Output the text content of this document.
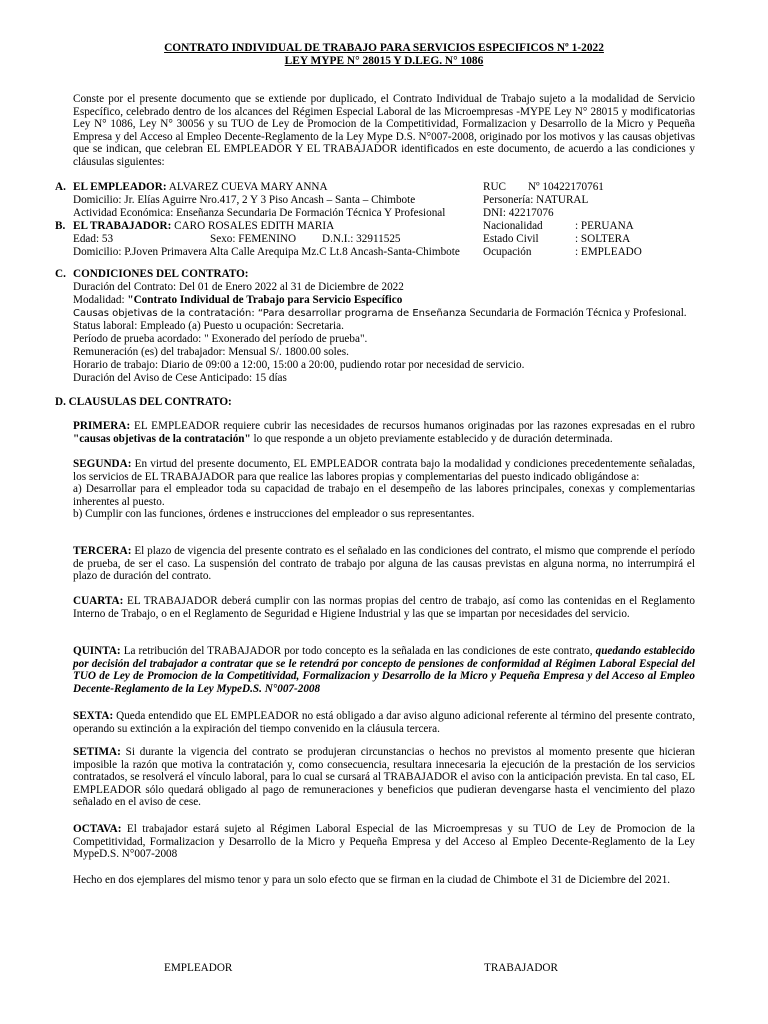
CONTRATO INDIVIDUAL DE TRABAJO PARA SERVICIOS ESPECIFICOS Nº 1-2022
LEY MYPE N° 28015 Y D.LEG. N° 1086
Conste por el presente documento que se extiende por duplicado, el Contrato Individual de Trabajo sujeto a la modalidad de Servicio Específico, celebrado dentro de los alcances del Régimen Especial Laboral de las Microempresas -MYPE Ley N° 28015 y modificatorias Ley N° 1086, Ley N° 30056 y su TUO de Ley de Promocion de la Competitividad, Formalizacion y Desarrollo de la Micro y Pequeña Empresa y del Acceso al Empleo Decente-Reglamento de la Ley Mype D.S. N°007-2008, originado por los motivos y las causas objetivas que se indican, que celebran EL EMPLEADOR Y EL TRABAJADOR identificados en este documento, de acuerdo a las condiciones y cláusulas siguientes:
A. EL EMPLEADOR: ALVAREZ CUEVA MARY ANNA
Domicilio: Jr. Elías Aguirre Nro.417, 2 Y 3 Piso Ancash – Santa – Chimbote
Actividad Económica: Enseñanza Secundaria De Formación Técnica Y Profesional
RUC Nº 10422170761
Personería: NATURAL
DNI: 42217076
B. EL TRABAJADOR: CARO ROSALES EDITH MARIA
Edad: 53	Sexo: FEMENINO D.N.I.: 32911525
Domicilio: P.Joven Primavera Alta Calle Arequipa Mz.C Lt.8 Ancash-Santa-Chimbote
Nacionalidad	: PERUANA
Estado Civil	: SOLTERA
Ocupación	: EMPLEADO
C. CONDICIONES DEL CONTRATO:
Duración del Contrato: Del 01 de Enero 2022 al 31 de Diciembre de 2022
Modalidad: "Contrato Individual de Trabajo para Servicio Específico
Causas objetivas de la contratación: “Para desarrollar programa de Enseñanza Secundaria de Formación Técnica y Profesional.
Status laboral: Empleado (a) Puesto u ocupación: Secretaria.
Período de prueba acordado: " Exonerado del período de prueba".
Remuneración (es) del trabajador: Mensual S/. 1800.00 soles.
Horario de trabajo: Diario de 09:00 a 12:00, 15:00 a 20:00, pudiendo rotar por necesidad de servicio.
Duración del Aviso de Cese Anticipado: 15 días
D. CLAUSULAS DEL CONTRATO:
PRIMERA: EL EMPLEADOR requiere cubrir las necesidades de recursos humanos originadas por las razones expresadas en el rubro "causas objetivas de la contratación" lo que responde a un objeto previamente establecido y de duración determinada.

SEGUNDA: En virtud del presente documento, EL EMPLEADOR contrata bajo la modalidad y condiciones precedentemente señaladas, los servicios de EL TRABAJADOR para que realice las labores propias y complementarias del puesto indicado obligándose a:

a) Desarrollar para el empleador toda su capacidad de trabajo en el desempeño de las labores principales, conexas y complementarias inherentes al puesto.

b) Cumplir con las funciones, órdenes e instrucciones del empleador o sus representantes.

TERCERA: El plazo de vigencia del presente contrato es el señalado en las condiciones del contrato, el mismo que comprende el período de prueba, de ser el caso. La suspensión del contrato de trabajo por alguna de las causas previstas en alguna norma, no interrumpirá el plazo de duración del contrato.
CUARTA: EL TRABAJADOR deberá cumplir con las normas propias del centro de trabajo, así como las contenidas en el Reglamento Interno de Trabajo, o en el Reglamento de Seguridad e Higiene Industrial y las que se impartan por necesidades del servicio.
QUINTA: La retribución del TRABAJADOR por todo concepto es la señalada en las condiciones de este contrato, quedando establecido por decisión del trabajador a contratar que se le retendrá por concepto de pensiones de conformidad al Régimen Laboral Especial del TUO de Ley de Promocion de la Competitividad, Formalizacion y Desarrollo de la Micro y Pequeña Empresa y del Acceso al Empleo Decente-Reglamento de la Ley MypeD.S. N°007-2008
SEXTA: Queda entendido que EL EMPLEADOR no está obligado a dar aviso alguno adicional referente al término del presente contrato, operando su extinción a la expiración del tiempo convenido en la cláusula tercera.
SETIMA: Si durante la vigencia del contrato se produjeran circunstancias o hechos no previstos al momento presente que hicieran imposible la razón que motiva la contratación y, como consecuencia, resultara innecesaria la ejecución de la prestación de los servicios contratados, se resolverá el vínculo laboral, para lo cual se cursará al TRABAJADOR el aviso con la anticipación prevista. En tal caso, EL EMPLEADOR sólo quedará obligado al pago de remuneraciones y beneficios que pudieran devengarse hasta el vencimiento del plazo señalado en el aviso de cese.
OCTAVA: El trabajador estará sujeto al Régimen Laboral Especial de las Microempresas y su TUO de Ley de Promocion de la Competitividad, Formalizacion y Desarrollo de la Micro y Pequeña Empresa y del Acceso al Empleo Decente-Reglamento de la Ley MypeD.S. N°007-2008
Hecho en dos ejemplares del mismo tenor y para un solo efecto que se firman en la ciudad de Chimbote el 31 de Diciembre del 2021.
EMPLEADOR	TRABAJADOR
